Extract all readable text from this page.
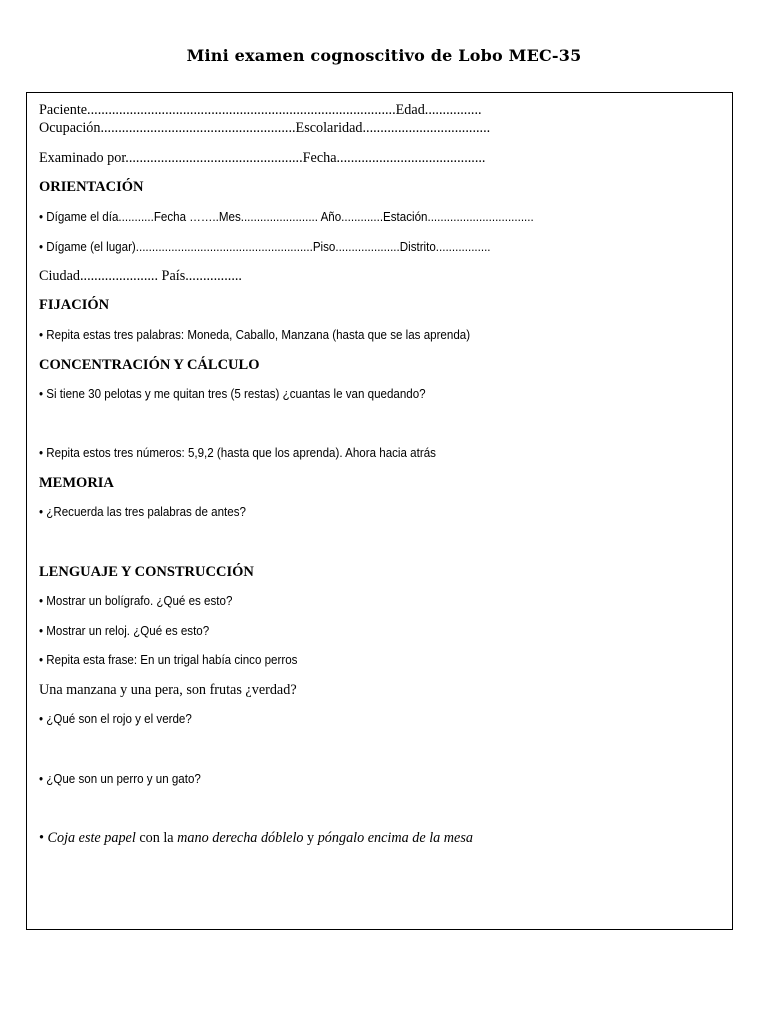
Mini examen cognoscitivo de Lobo MEC-35
Paciente.......................................................................................Edad................
Ocupación.......................................................Escolaridad....................................
Examinado por..................................................Fecha..........................................
ORIENTACIÓN
• Dígame el día...........Fecha ……..Mes........................ Año.............Estación.................................
• Dígame (el lugar).......................................................Piso....................Distrito.................
Ciudad...................... País................
FIJACIÓN
• Repita estas tres palabras: Moneda, Caballo, Manzana (hasta que se las aprenda)
CONCENTRACIÓN Y CÁLCULO
• Si tiene 30 pelotas y me quitan tres (5 restas) ¿cuantas le van quedando?
• Repita estos tres números: 5,9,2 (hasta que los aprenda). Ahora hacia atrás
MEMORIA
• ¿Recuerda las tres palabras de antes?
LENGUAJE Y CONSTRUCCIÓN
• Mostrar un bolígrafo. ¿Qué es esto?
• Mostrar un reloj. ¿Qué es esto?
• Repita esta frase: En un trigal había cinco perros
Una manzana y una pera, son frutas ¿verdad?
• ¿Qué son el rojo y el verde?
• ¿Que son un perro y un gato?
• Coja este papel con la mano derecha dóblelo y póngalo encima de la mesa
